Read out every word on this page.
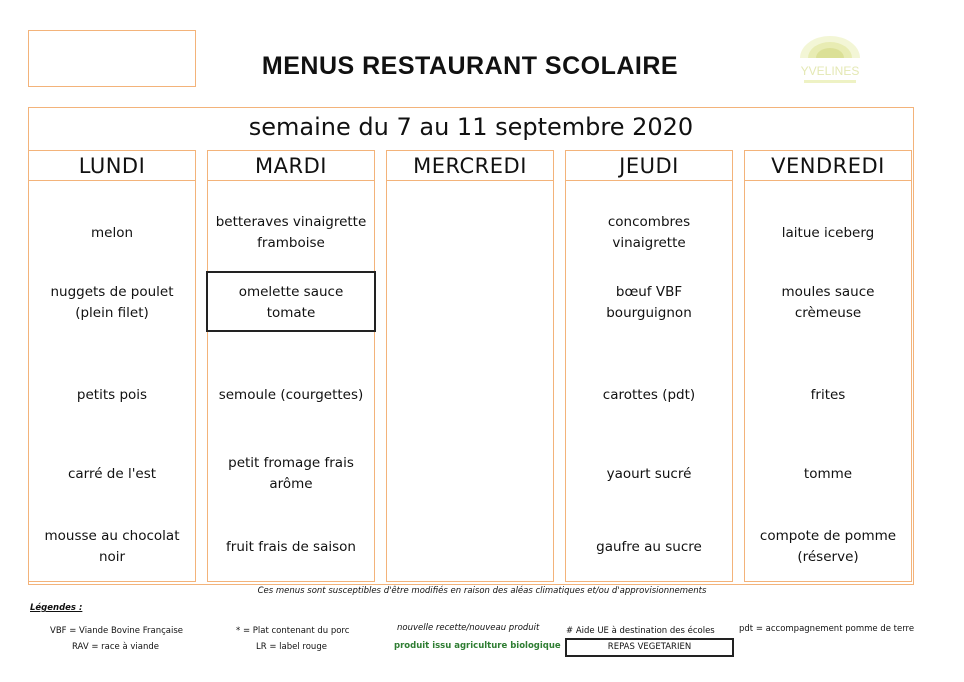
MENUS RESTAURANT SCOLAIRE	YVELINES
semaine du 7 au 11 septembre 2020
LUNDI
melon
nuggets de poulet (plein filet)
petits pois
carré de l'est
mousse au chocolat noir
MARDI
betteraves vinaigrette framboise
omelette sauce tomate
semoule (courgettes)
petit fromage frais arôme
fruit frais de saison
MERCREDI	JEUDI
concombres vinaigrette
bœuf VBF bourguignon
carottes (pdt)
yaourt sucré
gaufre au sucre
VENDREDI
laitue iceberg
moules sauce crèmeuse
frites
tomme
compote de pomme (réserve)
Ces menus sont susceptibles d'être modifiés en raison des aléas climatiques et/ou d'approvisionnements
Légendes :
VBF = Viande Bovine Française
RAV = race à viande
* = Plat contenant du porc
LR = label rouge
nouvelle recette/nouveau produit
produit issu agriculture biologique
# Aide UE à destination des écoles
REPAS VEGETARIEN
pdt = accompagnement pomme de terre
